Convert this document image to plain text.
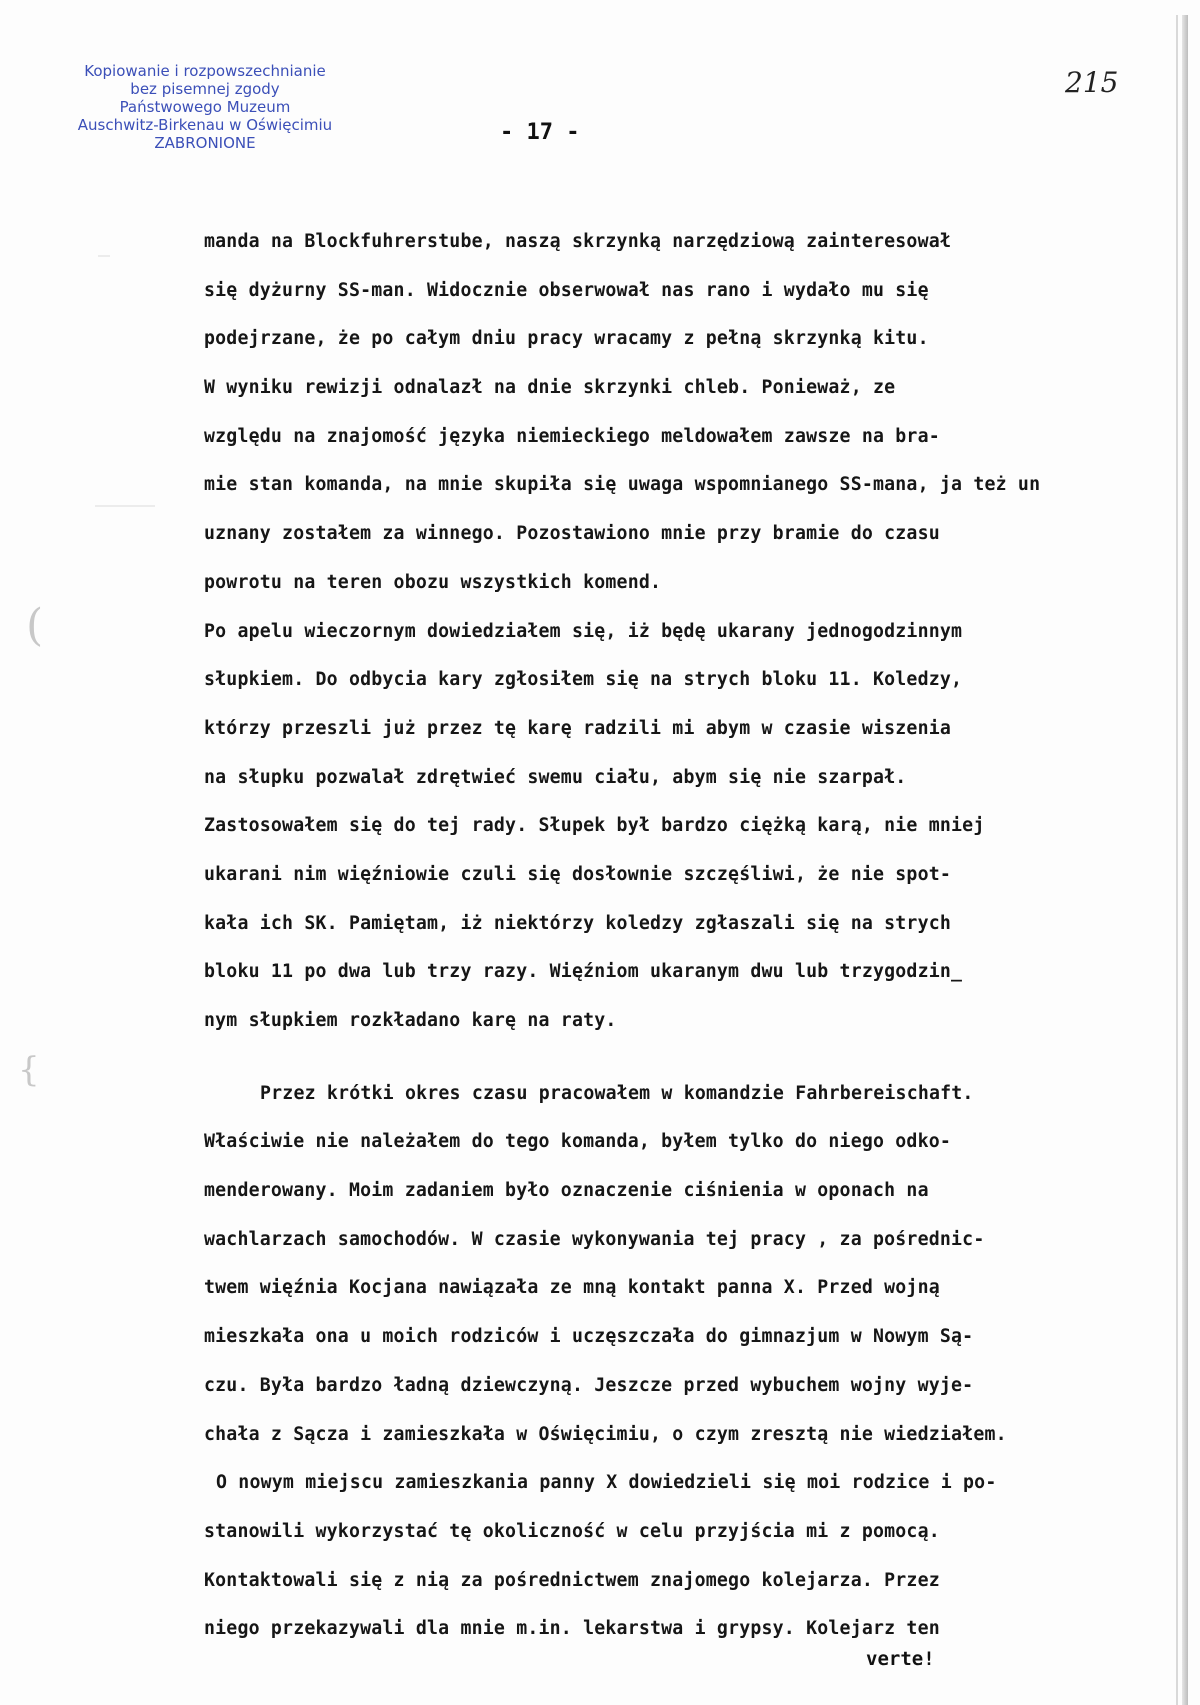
Kopiowanie i rozpowszechnianie
bez pisemnej zgody
Państwowego Muzeum
Auschwitz-Birkenau w Oświęcimiu
ZABRONIONE
215
- 17 -
(
{
manda na Blockfuhrerstube, naszą skrzynką narzędziową zainteresował
się dyżurny SS-man. Widocznie obserwował nas rano i wydało mu się
podejrzane, że po całym dniu pracy wracamy z pełną skrzynką kitu.
W wyniku rewizji odnalazł na dnie skrzynki chleb. Ponieważ, ze
względu na znajomość języka niemieckiego meldowałem zawsze na bra-
mie stan komanda, na mnie skupiła się uwaga wspomnianego SS-mana, ja też un
uznany zostałem za winnego. Pozostawiono mnie przy bramie do czasu
powrotu na teren obozu wszystkich komend.
Po apelu wieczornym dowiedziałem się, iż będę ukarany jednogodzinnym
słupkiem. Do odbycia kary zgłosiłem się na strych bloku 11. Koledzy,
którzy przeszli już przez tę karę radzili mi abym w czasie wiszenia
na słupku pozwalał zdrętwieć swemu ciału, abym się nie szarpał.
Zastosowałem się do tej rady. Słupek był bardzo ciężką karą, nie mniej
ukarani nim więźniowie czuli się dosłownie szczęśliwi, że nie spot-
kała ich SK. Pamiętam, iż niektórzy koledzy zgłaszali się na strych
bloku 11 po dwa lub trzy razy. Więźniom ukaranym dwu lub trzygodzin_
nym słupkiem rozkładano karę na raty.
Przez krótki okres czasu pracowałem w komandzie Fahrbereischaft.
Właściwie nie należałem do tego komanda, byłem tylko do niego odko-
menderowany. Moim zadaniem było oznaczenie ciśnienia w oponach na
wachlarzach samochodów. W czasie wykonywania tej pracy , za pośrednic-
twem więźnia Kocjana nawiązała ze mną kontakt panna X. Przed wojną
mieszkała ona u moich rodziców i uczęszczała do gimnazjum w Nowym Są-
czu. Była bardzo ładną dziewczyną. Jeszcze przed wybuchem wojny wyje-
chała z Sącza i zamieszkała w Oświęcimiu, o czym zresztą nie wiedziałem.
O nowym miejscu zamieszkania panny X dowiedzieli się moi rodzice i po-
stanowili wykorzystać tę okoliczność w celu przyjścia mi z pomocą.
Kontaktowali się z nią za pośrednictwem znajomego kolejarza. Przez
niego przekazywali dla mnie m.in. lekarstwa i grypsy. Kolejarz ten
verte!
